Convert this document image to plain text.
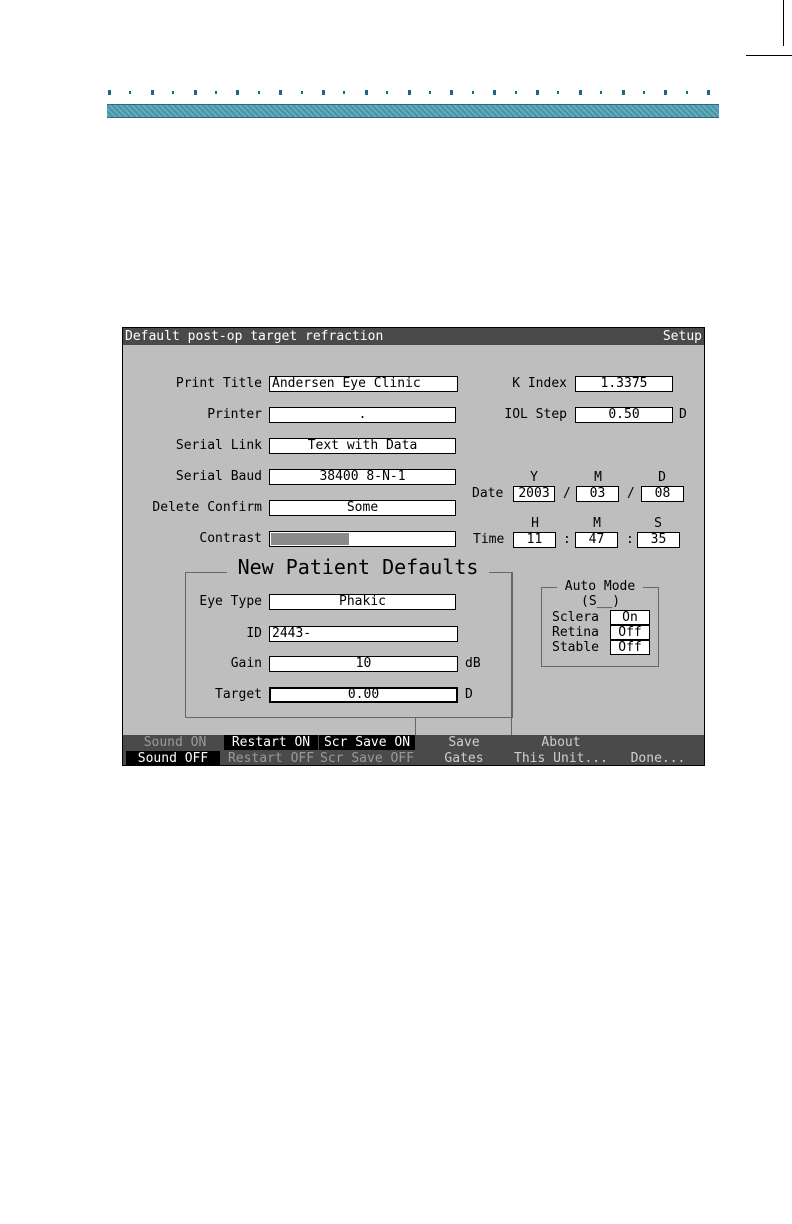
Default post-op target refraction	Setup
Print Title Andersen Eye Clinic
Printer	.
Serial Link	Text with Data
Serial Baud	38400 8-N-1
Delete Confirm	Some
Contrast
K Index	1.3375
IOL Step	0.50	D
Y	M	D
Date	2003	/	03	/	08
H	M	S
Time	11	:	47	:	35
New Patient Defaults
Eye Type	Phakic
ID 2443-
Gain	10	dB
Target	0.00	D
Auto Mode
(S__)
Sclera	On
Retina	Off
Stable	Off
Sound ON
Sound OFF
Restart ON
Restart OFF
Scr Save ON
Scr Save OFF
Save
Gates
About
This Unit...	Done...
